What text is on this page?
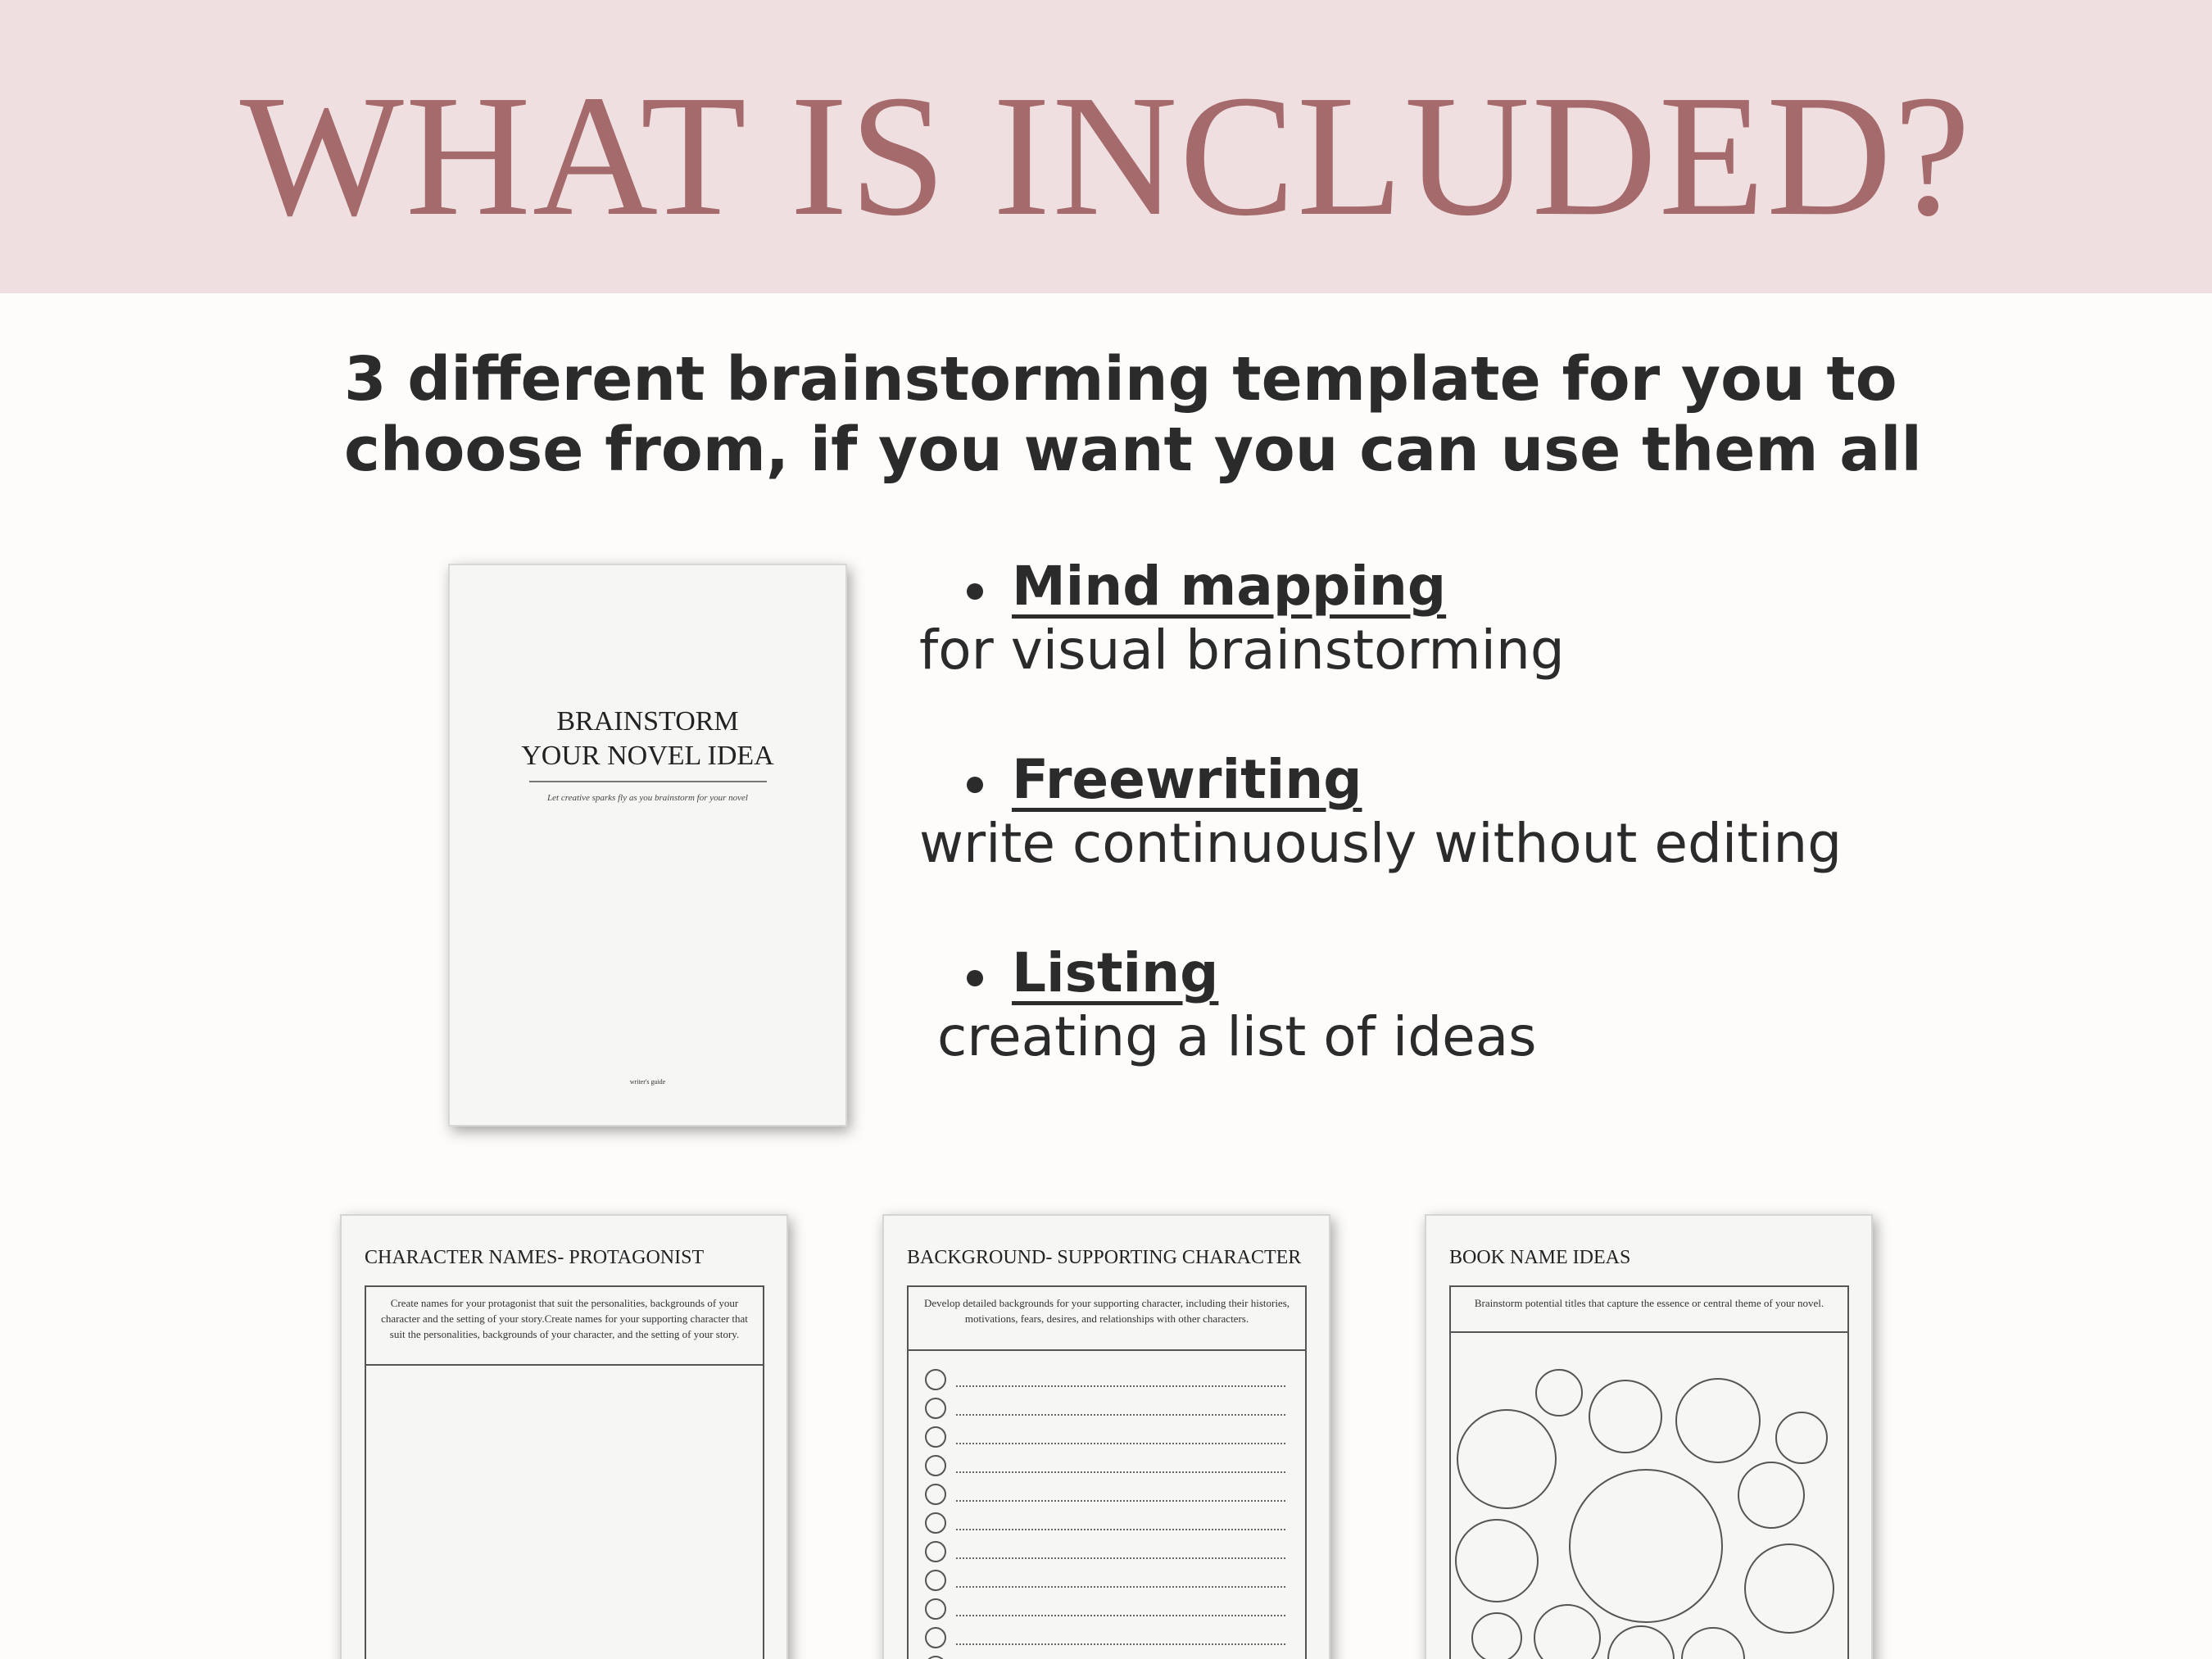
WHAT IS INCLUDED?
3 different brainstorming template for you to
choose from, if you want you can use them all
BRAINSTORM
YOUR NOVEL IDEA
Let creative sparks fly as you brainstorm for your novel
writer's guide
Mind mapping
for visual brainstorming
Freewriting
write continuously without editing
Listing
creating a list of ideas
CHARACTER NAMES- PROTAGONIST
Create names for your protagonist that suit the personalities, backgrounds of your character and the setting of your story.Create names for your supporting character that suit the personalities, backgrounds of your character, and the setting of your story.
BACKGROUND- SUPPORTING CHARACTER
Develop detailed backgrounds for your supporting character, including their histories, motivations, fears, desires, and relationships with other characters.
BOOK NAME IDEAS
Brainstorm potential titles that capture the essence or central theme of your novel.
